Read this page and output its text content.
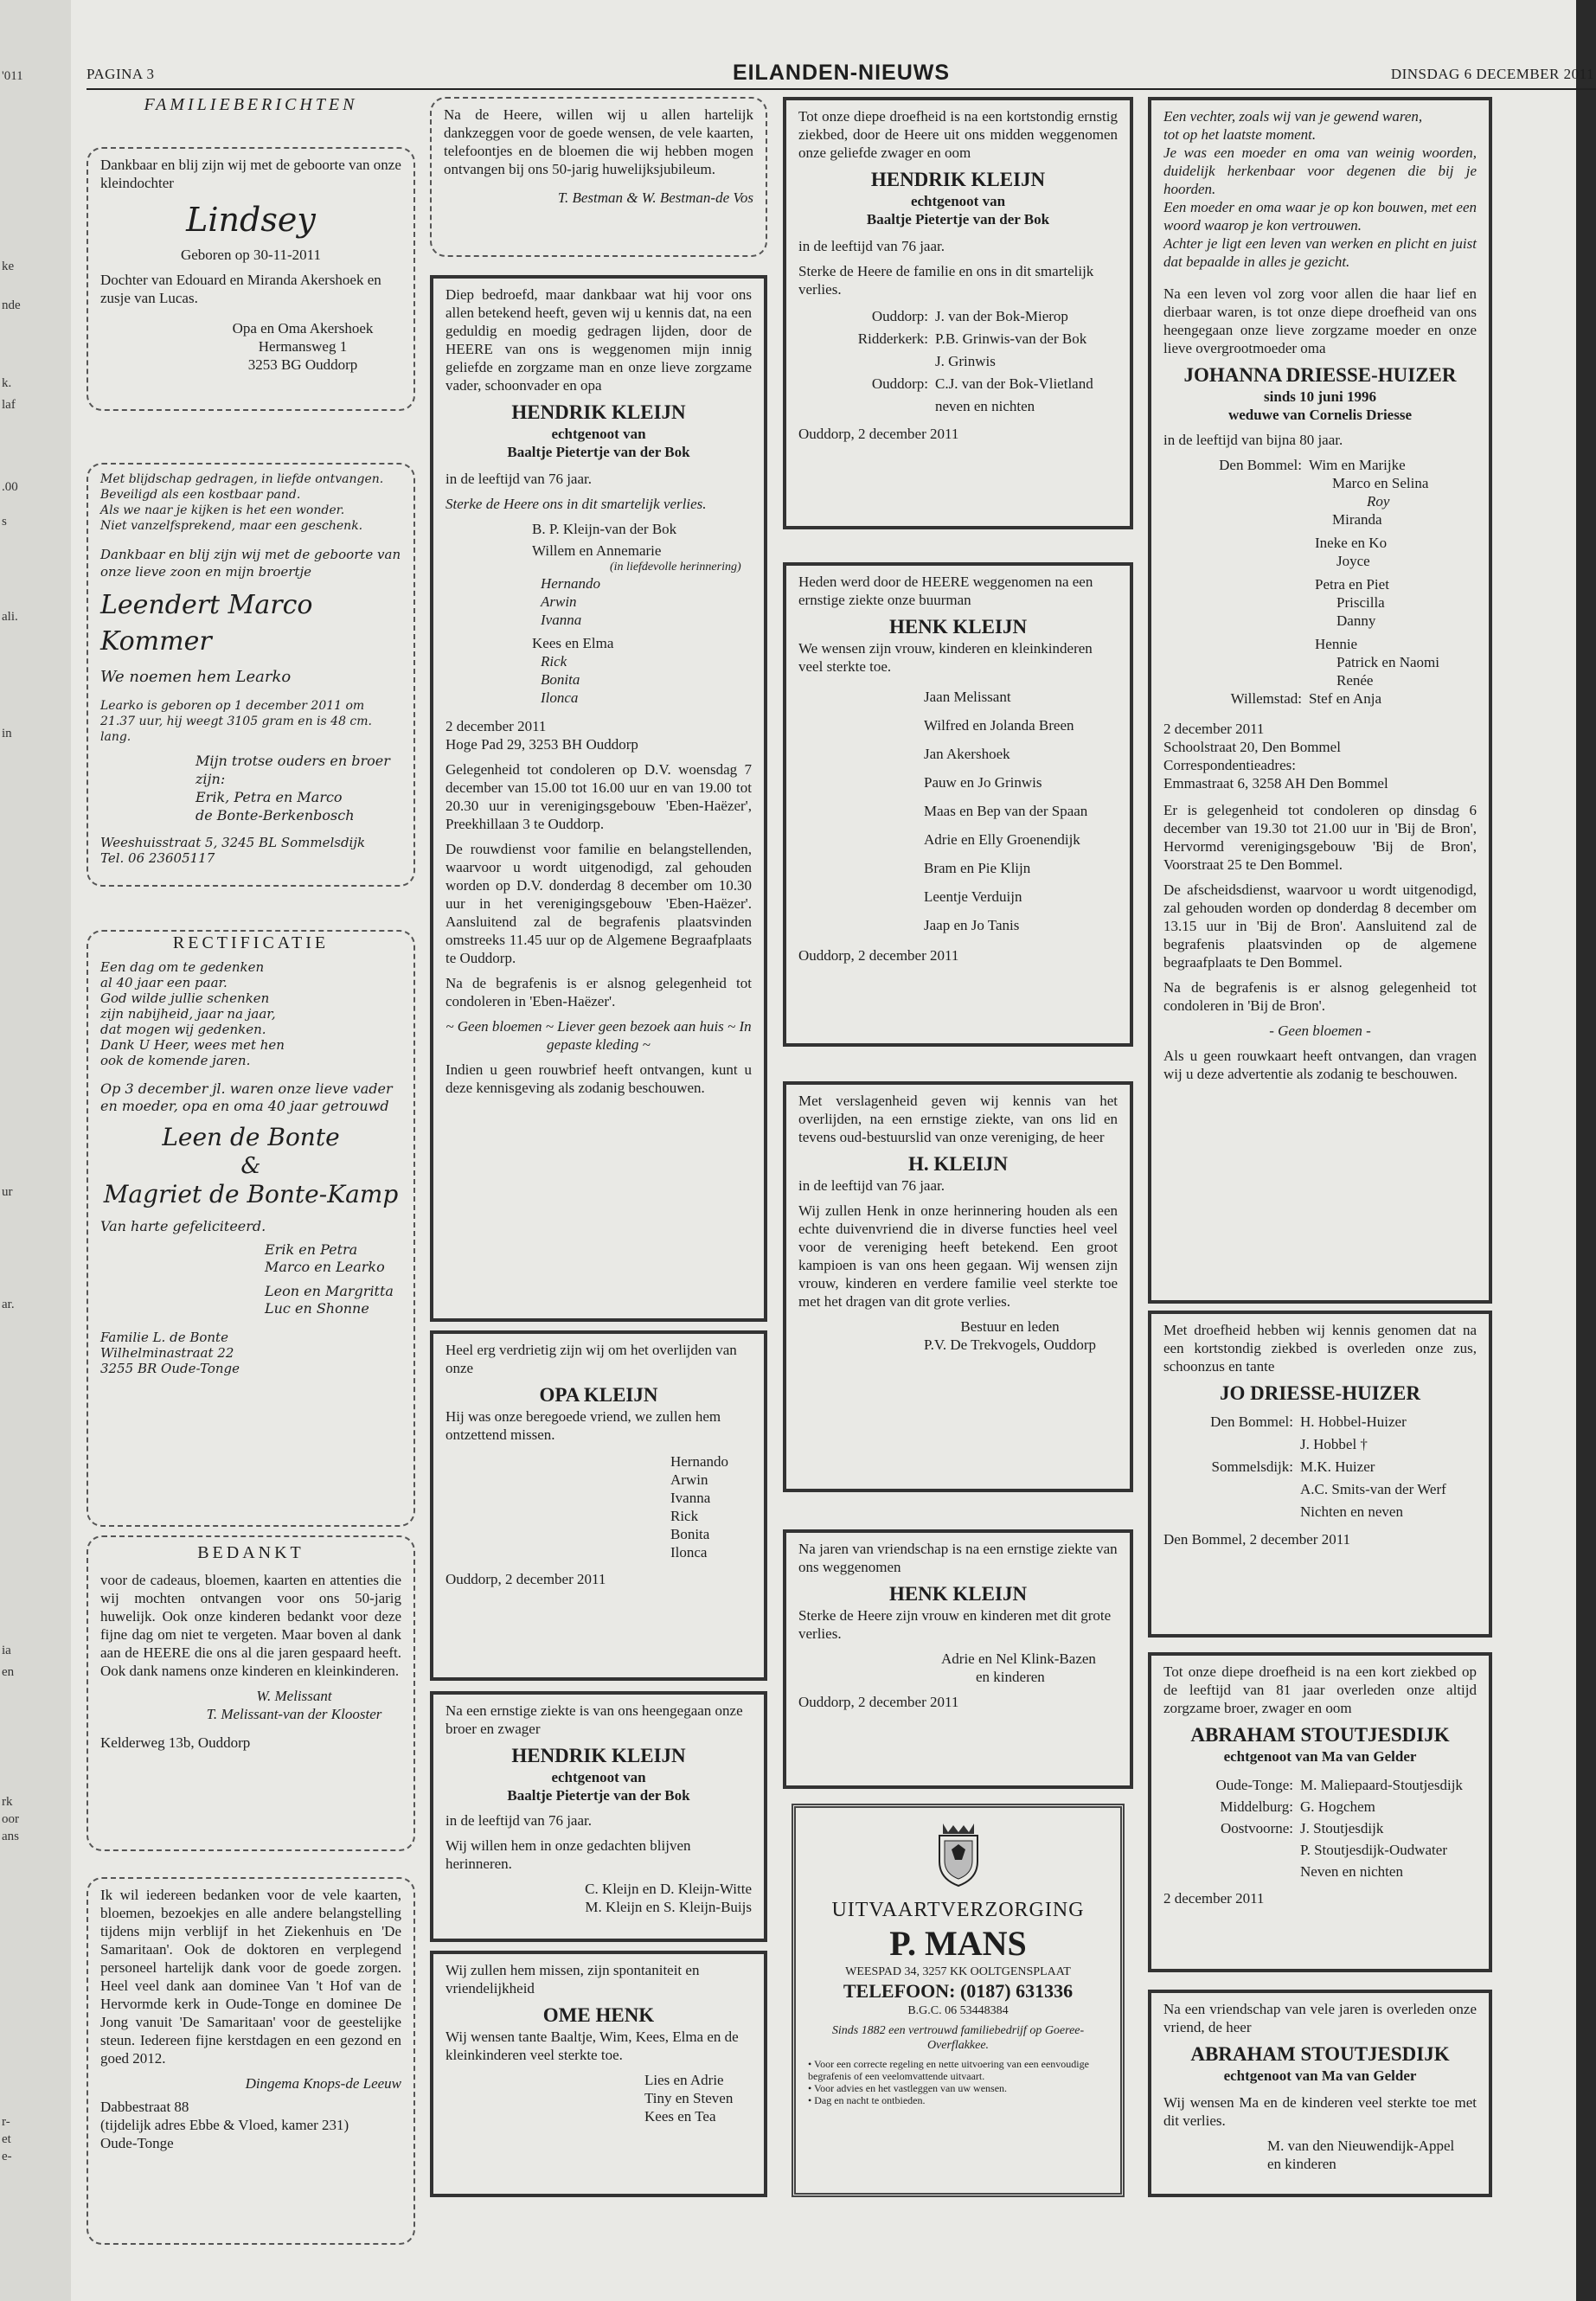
'011
ke
nde
k.
laf
.00
s
ali.
in
ur
ar.
ia
en
rk
oor
ans
r-
et
e-
PAGINA 3	EILANDEN-NIEUWS	DINSDAG 6 DECEMBER 2011
FAMILIEBERICHTEN

Dankbaar en blij zijn wij met de geboorte van onze kleindochter

Lindsey

Geboren op 30-11-2011

Dochter van Edouard en Miranda Akershoek en zusje van Lucas.

Opa en Oma Akershoek
Hermansweg 1
3253 BG Ouddorp
Met blijdschap gedragen, in liefde ontvangen.
Beveiligd als een kostbaar pand.
Als we naar je kijken is het een wonder.
Niet vanzelfsprekend, maar een geschenk.

Dankbaar en blij zijn wij met de geboorte van onze lieve zoon en mijn broertje

Leendert Marco Kommer
We noemen hem Learko

Learko is geboren op 1 december 2011 om 21.37 uur, hij weegt 3105 gram en is 48 cm. lang.

Mijn trotse ouders en broer zijn:
Erik, Petra en Marco
de Bonte-Berkenbosch
Weeshuisstraat 5, 3245 BL Sommelsdijk
Tel. 06 23605117
RECTIFICATIE
Een dag om te gedenken
al 40 jaar een paar.
God wilde jullie schenken
zijn nabijheid, jaar na jaar,
dat mogen wij gedenken.
Dank U Heer, wees met hen
ook de komende jaren.

Op 3 december jl. waren onze lieve vader en moeder, opa en oma 40 jaar getrouwd

Leen de Bonte
&
Magriet de Bonte-Kamp

Van harte gefeliciteerd.

Erik en Petra
Marco en Learko
Leon en Margritta
Luc en Shonne
Familie L. de Bonte
Wilhelminastraat 22
3255 BR Oude-Tonge
BEDANKT

voor de cadeaus, bloemen, kaarten en attenties die wij mochten ontvangen voor ons 50-jarig huwelijk. Ook onze kinderen bedankt voor deze fijne dag om niet te vergeten. Maar boven al dank aan de HEERE die ons al die jaren gespaard heeft. Ook dank namens onze kinderen en kleinkinderen.

W. Melissant
T. Melissant-van der Klooster
Kelderweg 13b, Ouddorp

Ik wil iedereen bedanken voor de vele kaarten, bloemen, bezoekjes en alle andere belangstelling tijdens mijn verblijf in het Ziekenhuis en 'De Samaritaan'. Ook de doktoren en verplegend personeel hartelijk dank voor de goede zorgen. Heel veel dank aan dominee Van 't Hof van de Hervormde kerk in Oude-Tonge en dominee De Jong vanuit 'De Samaritaan' voor de geestelijke steun. Iedereen fijne kerstdagen en een gezond en goed 2012.

Dingema Knops-de Leeuw
Dabbestraat 88
(tijdelijk adres Ebbe & Vloed, kamer 231)
Oude-Tonge

Na de Heere, willen wij u allen hartelijk dankzeggen voor de goede wensen, de vele kaarten, telefoontjes en de bloemen die wij hebben mogen ontvangen bij ons 50-jarig huwelijksjubileum.

T. Bestman & W. Bestman-de Vos

Diep bedroefd, maar dankbaar wat hij voor ons allen betekend heeft, geven wij u kennis dat, na een geduldig en moedig gedragen lijden, door de HEERE van ons is weggenomen mijn innig geliefde en zorgzame man en onze lieve zorgzame vader, schoonvader en opa

HENDRIK KLEIJN
echtgenoot van
Baaltje Pietertje van der Bok

in de leeftijd van 76 jaar.

Sterke de Heere ons in dit smartelijk verlies.

B. P. Kleijn-van der Bok
Willem en Annemarie
(in liefdevolle herinnering)
Hernando
Arwin
Ivanna
Kees en Elma
Rick
Bonita
Ilonca
2 december 2011

Hoge Pad 29, 3253 BH Ouddorp

Gelegenheid tot condoleren op D.V. woensdag 7 december van 15.00 tot 16.00 uur en van 19.00 tot 20.30 uur in verenigingsgebouw 'Eben-Haëzer', Preekhillaan 3 te Ouddorp.

De rouwdienst voor familie en belangstellenden, waarvoor u wordt uitgenodigd, zal gehouden worden op D.V. donderdag 8 december om 10.30 uur in het verenigingsgebouw 'Eben-Haëzer'. Aansluitend zal de begrafenis plaatsvinden omstreeks 11.45 uur op de Algemene Begraafplaats te Ouddorp.

Na de begrafenis is er alsnog gelegenheid tot condoleren in 'Eben-Haëzer'.

~ Geen bloemen ~ Liever geen bezoek aan huis ~ In gepaste kleding ~

Indien u geen rouwbrief heeft ontvangen, kunt u deze kennisgeving als zodanig beschouwen.

Heel erg verdrietig zijn wij om het overlijden van onze

OPA KLEIJN

Hij was onze beregoede vriend, we zullen hem ontzettend missen.

Hernando
Arwin
Ivanna
Rick
Bonita
Ilonca
Ouddorp, 2 december 2011

Na een ernstige ziekte is van ons heengegaan onze broer en zwager

HENDRIK KLEIJN
echtgenoot van
Baaltje Pietertje van der Bok

in de leeftijd van 76 jaar.

Wij willen hem in onze gedachten blijven herinneren.

C. Kleijn en D. Kleijn-Witte
M. Kleijn en S. Kleijn-Buijs

Wij zullen hem missen, zijn spontaniteit en vriendelijkheid

OME HENK

Wij wensen tante Baaltje, Wim, Kees, Elma en de kleinkinderen veel sterkte toe.

Lies en Adrie
Tiny en Steven
Kees en Tea

Tot onze diepe droefheid is na een kortstondig ernstig ziekbed, door de Heere uit ons midden weggenomen onze geliefde zwager en oom

HENDRIK KLEIJN
echtgenoot van
Baaltje Pietertje van der Bok

in de leeftijd van 76 jaar.

Sterke de Heere de familie en ons in dit smartelijk verlies.

Ouddorp: J. van der Bok-Mierop
Ridderkerk: P.B. Grinwis-van der Bok
J. Grinwis
Ouddorp: C.J. van der Bok-Vlietland
neven en nichten
Ouddorp, 2 december 2011

Heden werd door de HEERE weggenomen na een ernstige ziekte onze buurman

HENK KLEIJN

We wensen zijn vrouw, kinderen en kleinkinderen veel sterkte toe.

Jaan Melissant
Wilfred en Jolanda Breen
Jan Akershoek
Pauw en Jo Grinwis
Maas en Bep van der Spaan
Adrie en Elly Groenendijk
Bram en Pie Klijn
Leentje Verduijn
Jaap en Jo Tanis
Ouddorp, 2 december 2011

Met verslagenheid geven wij kennis van het overlijden, na een ernstige ziekte, van ons lid en tevens oud-bestuurslid van onze vereniging, de heer

H. KLEIJN

in de leeftijd van 76 jaar.

Wij zullen Henk in onze herinnering houden als een echte duivenvriend die in diverse functies heel veel voor de vereniging heeft betekend. Een groot kampioen is van ons heen gegaan. Wij wensen zijn vrouw, kinderen en verdere familie veel sterkte toe met het dragen van dit grote verlies.

Bestuur en leden
P.V. De Trekvogels, Ouddorp

Na jaren van vriendschap is na een ernstige ziekte van ons weggenomen

HENK KLEIJN

Sterke de Heere zijn vrouw en kinderen met dit grote verlies.

Adrie en Nel Klink-Bazen
en kinderen
Ouddorp, 2 december 2011
UITVAARTVERZORGING
P. MANS
WEESPAD 34, 3257 KK OOLTGENSPLAAT
TELEFOON: (0187) 631336
B.G.C. 06 53448384
Sinds 1882 een vertrouwd familiebedrijf op Goeree-Overflakkee.
• Voor een correcte regeling en nette uitvoering van een eenvoudige begrafenis of een veelomvattende uitvaart.
• Voor advies en het vastleggen van uw wensen.
• Dag en nacht te ontbieden.
Een vechter, zoals wij van je gewend waren,
tot op het laatste moment.
Je was een moeder en oma van weinig woorden, duidelijk herkenbaar voor degenen die bij je hoorden.
Een moeder en oma waar je op kon bouwen, met een woord waarop je kon vertrouwen.
Achter je ligt een leven van werken en plicht en juist dat bepaalde in alles je gezicht.

Na een leven vol zorg voor allen die haar lief en dierbaar waren, is tot onze diepe droefheid van ons heengegaan onze lieve zorgzame moeder en onze lieve overgrootmoeder oma

JOHANNA DRIESSE-HUIZER
sinds 10 juni 1996
weduwe van Cornelis Driesse

in de leeftijd van bijna 80 jaar.

Den Bommel: Wim en Marijke
Marco en Selina
Roy
Miranda
Ineke en Ko
Joyce
Petra en Piet
Priscilla
Danny
Hennie
Patrick en Naomi
Renée
Willemstad: Stef en Anja
2 december 2011
Schoolstraat 20, Den Bommel
Correspondentieadres:
Emmastraat 6, 3258 AH Den Bommel

Er is gelegenheid tot condoleren op dinsdag 6 december van 19.30 tot 21.00 uur in 'Bij de Bron', Hervormd verenigingsgebouw 'Bij de Bron', Voorstraat 25 te Den Bommel.

De afscheidsdienst, waarvoor u wordt uitgenodigd, zal gehouden worden op donderdag 8 december om 13.15 uur in 'Bij de Bron'. Aansluitend zal de begrafenis plaatsvinden op de algemene begraafplaats te Den Bommel.

Na de begrafenis is er alsnog gelegenheid tot condoleren in 'Bij de Bron'.

- Geen bloemen -

Als u geen rouwkaart heeft ontvangen, dan vragen wij u deze advertentie als zodanig te beschouwen.

Met droefheid hebben wij kennis genomen dat na een kortstondig ziekbed is overleden onze zus, schoonzus en tante

JO DRIESSE-HUIZER
Den Bommel: H. Hobbel-Huizer
J. Hobbel †
Sommelsdijk: M.K. Huizer
A.C. Smits-van der Werf
Nichten en neven
Den Bommel, 2 december 2011

Tot onze diepe droefheid is na een kort ziekbed op de leeftijd van 81 jaar overleden onze altijd zorgzame broer, zwager en oom

ABRAHAM STOUTJESDIJK
echtgenoot van Ma van Gelder
Oude-Tonge: M. Maliepaard-Stoutjesdijk
Middelburg: G. Hogchem
Oostvoorne: J. Stoutjesdijk
P. Stoutjesdijk-Oudwater
Neven en nichten
2 december 2011

Na een vriendschap van vele jaren is overleden onze vriend, de heer

ABRAHAM STOUTJESDIJK
echtgenoot van Ma van Gelder

Wij wensen Ma en de kinderen veel sterkte toe met dit verlies.

M. van den Nieuwendijk-Appel
en kinderen
